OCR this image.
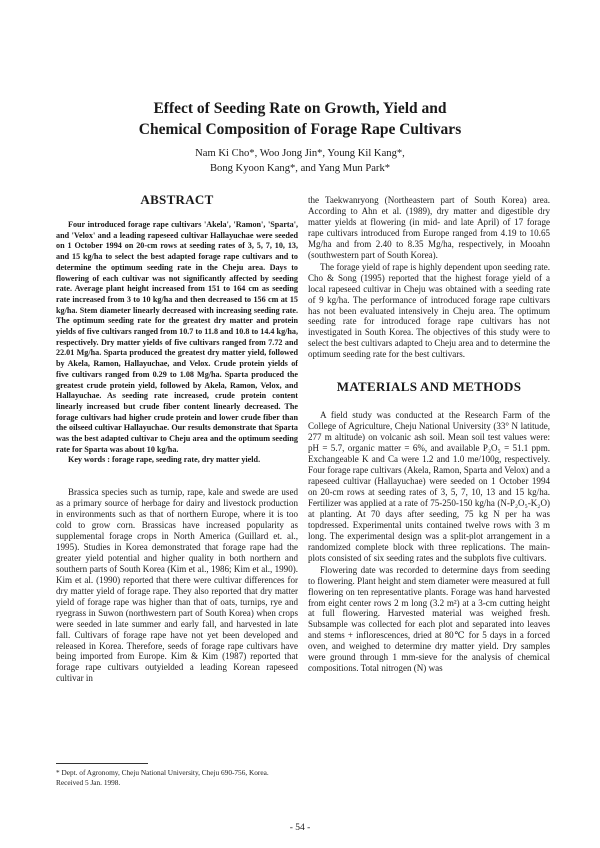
Effect of Seeding Rate on Growth, Yield and
Chemical Composition of Forage Rape Cultivars
Nam Ki Cho*, Woo Jong Jin*, Young Kil Kang*,
Bong Kyoon Kang*, and Yang Mun Park*
ABSTRACT

Four introduced forage rape cultivars 'Akela', 'Ramon', 'Sparta', and 'Velox' and a leading rapeseed cultivar Hallayuchae were seeded on 1 October 1994 on 20-cm rows at seeding rates of 3, 5, 7, 10, 13, and 15 kg/ha to select the best adapted forage rape cultivars and to determine the optimum seeding rate in the Cheju area. Days to flowering of each cultivar was not significantly affected by seeding rate. Average plant height increased from 151 to 164 cm as seeding rate increased from 3 to 10 kg/ha and then decreased to 156 cm at 15 kg/ha. Stem diameter linearly decreased with increasing seeding rate. The optimum seeding rate for the greatest dry matter and protein yields of five cultivars ranged from 10.7 to 11.8 and 10.8 to 14.4 kg/ha, respectively. Dry matter yields of five cultivars ranged from 7.72 and 22.01 Mg/ha. Sparta produced the greatest dry matter yield, followed by Akela, Ramon, Hallayuchae, and Velox. Crude protein yields of five cultivars ranged from 0.29 to 1.08 Mg/ha. Sparta produced the greatest crude protein yield, followed by Akela, Ramon, Velox, and Hallayuchae. As seeding rate increased, crude protein content linearly increased but crude fiber content linearly decreased. The forage cultivars had higher crude protein and lower crude fiber than the oilseed cultivar Hallayuchae. Our results demonstrate that Sparta was the best adapted cultivar to Cheju area and the optimum seeding rate for Sparta was about 10 kg/ha.

Key words : forage rape, seeding rate, dry matter yield.

Brassica species such as turnip, rape, kale and swede are used as a primary source of herbage for dairy and livestock production in environments such as that of northern Europe, where it is too cold to grow corn. Brassicas have increased popularity as supplemental forage crops in North America (Guillard et. al., 1995). Studies in Korea demonstrated that forage rape had the greater yield potential and higher quality in both northern and southern parts of South Korea (Kim et al., 1986; Kim et al., 1990). Kim et al. (1990) reported that there were cultivar differences for dry matter yield of forage rape. They also reported that dry matter yield of forage rape was higher than that of oats, turnips, rye and ryegrass in Suwon (northwestern part of South Korea) when crops were seeded in late summer and early fall, and harvested in late fall. Cultivars of forage rape have not yet been developed and released in Korea. Therefore, seeds of forage rape cultivars have being imported from Europe. Kim & Kim (1987) reported that forage rape cultivars outyielded a leading Korean rapeseed cultivar in

the Taekwanryong (Northeastern part of South Korea) area. According to Ahn et al. (1989), dry matter and digestible dry matter yields at flowering (in mid- and late April) of 17 forage rape cultivars introduced from Europe ranged from 4.19 to 10.65 Mg/ha and from 2.40 to 8.35 Mg/ha, respectively, in Mooahn (southwestern part of South Korea).

The forage yield of rape is highly dependent upon seeding rate. Cho & Song (1995) reported that the highest forage yield of a local rapeseed cultivar in Cheju was obtained with a seeding rate of 9 kg/ha. The performance of introduced forage rape cultivars has not been evaluated intensively in Cheju area. The optimum seeding rate for introduced forage rape cultivars has not investigated in South Korea. The objectives of this study were to select the best cultivars adapted to Cheju area and to determine the optimum seeding rate for the best cultivars.

MATERIALS AND METHODS

A field study was conducted at the Research Farm of the College of Agriculture, Cheju National University (33° N latitude, 277 m altitude) on volcanic ash soil. Mean soil test values were: pH = 5.7, organic matter = 6%, and available P₂O₅ = 51.1 ppm. Exchangeable K and Ca were 1.2 and 1.0 me/100g, respectively. Four forage rape cultivars (Akela, Ramon, Sparta and Velox) and a rapeseed cultivar (Hallayuchae) were seeded on 1 October 1994 on 20-cm rows at seeding rates of 3, 5, 7, 10, 13 and 15 kg/ha. Fertilizer was applied at a rate of 75-250-150 kg/ha (N-P₂O₅-K₂O) at planting. At 70 days after seeding, 75 kg N per ha was topdressed. Experimental units contained twelve rows with 3 m long. The experimental design was a split-plot arrangement in a randomized complete block with three replications. The main-plots consisted of six seeding rates and the subplots five cultivars.

Flowering date was recorded to determine days from seeding to flowering. Plant height and stem diameter were measured at full flowering on ten representative plants. Forage was hand harvested from eight center rows 2 m long (3.2 m²) at a 3-cm cutting height at full flowering. Harvested material was weighed fresh. Subsample was collected for each plot and separated into leaves and stems + inflorescences, dried at 80℃ for 5 days in a forced oven, and weighed to determine dry matter yield. Dry samples were ground through 1 mm-sieve for the analysis of chemical compositions. Total nitrogen (N) was

* Dept. of Agronomy, Cheju National University, Cheju 690-756, Korea.
Received 5 Jan. 1998.
- 54 -
